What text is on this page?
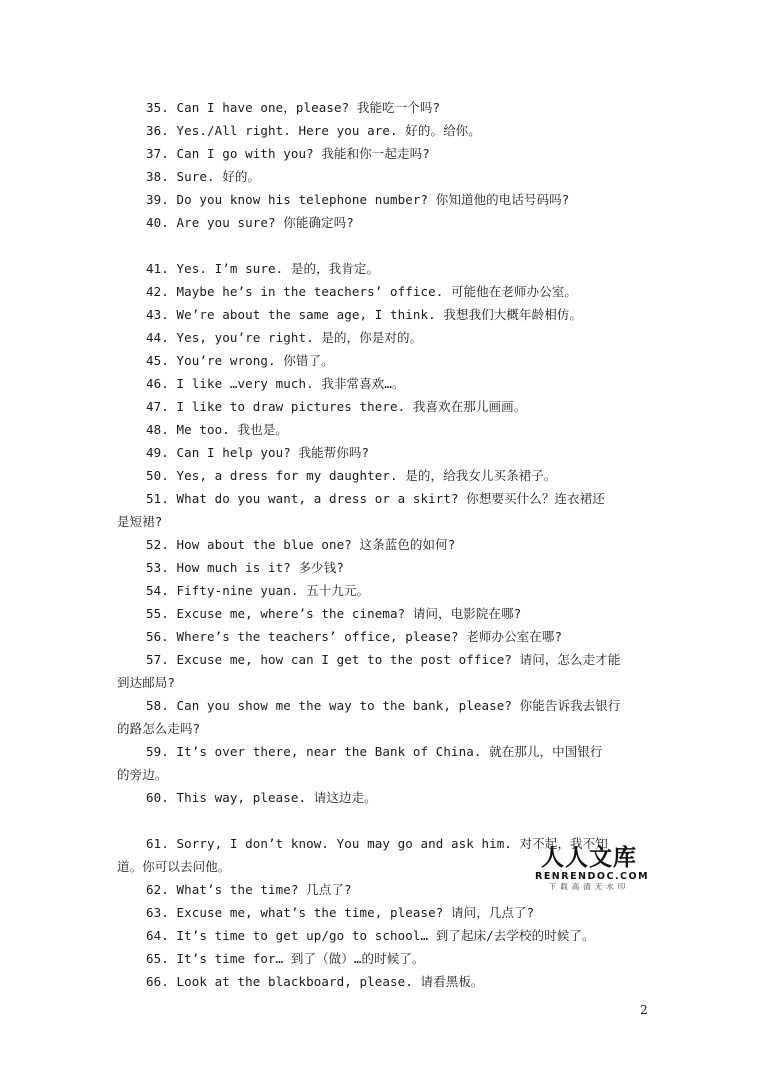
35. Can I have one，please? 我能吃一个吗?
36. Yes./All right. Here you are. 好的。给你。
37. Can I go with you? 我能和你一起走吗?
38. Sure. 好的。
39. Do you know his telephone number? 你知道他的电话号码吗?
40. Are you sure? 你能确定吗?
41. Yes. I’m sure. 是的，我肯定。
42. Maybe he’s in the teachers’ office. 可能他在老师办公室。
43. We’re about the same age, I think. 我想我们大概年龄相仿。
44. Yes, you’re right. 是的，你是对的。
45. You’re wrong. 你错了。
46. I like …very much. 我非常喜欢…。
47. I like to draw pictures there. 我喜欢在那儿画画。
48. Me too. 我也是。
49. Can I help you? 我能帮你吗?
50. Yes, a dress for my daughter. 是的，给我女儿买条裙子。
51. What do you want, a dress or a skirt? 你想要买什么？连衣裙还
是短裙?
52. How about the blue one? 这条蓝色的如何?
53. How much is it? 多少钱?
54. Fifty-nine yuan. 五十九元。
55. Excuse me, where’s the cinema? 请问，电影院在哪?
56. Where’s the teachers’ office, please? 老师办公室在哪?
57. Excuse me, how can I get to the post office? 请问，怎么走才能
到达邮局?
58. Can you show me the way to the bank, please? 你能告诉我去银行
的路怎么走吗?
59. It’s over there, near the Bank of China. 就在那儿，中国银行
的旁边。
60. This way, please. 请这边走。
61. Sorry, I don’t know. You may go and ask him. 对不起，我不知
道。你可以去问他。
62. What’s the time? 几点了?
63. Excuse me, what’s the time, please? 请问，几点了?
64. It’s time to get up/go to school… 到了起床/去学校的时候了。
65. It’s time for… 到了（做）…的时候了。
66. Look at the blackboard, please. 请看黑板。
人人文库
RENRENDOC.COM
下载高清无水印
2
